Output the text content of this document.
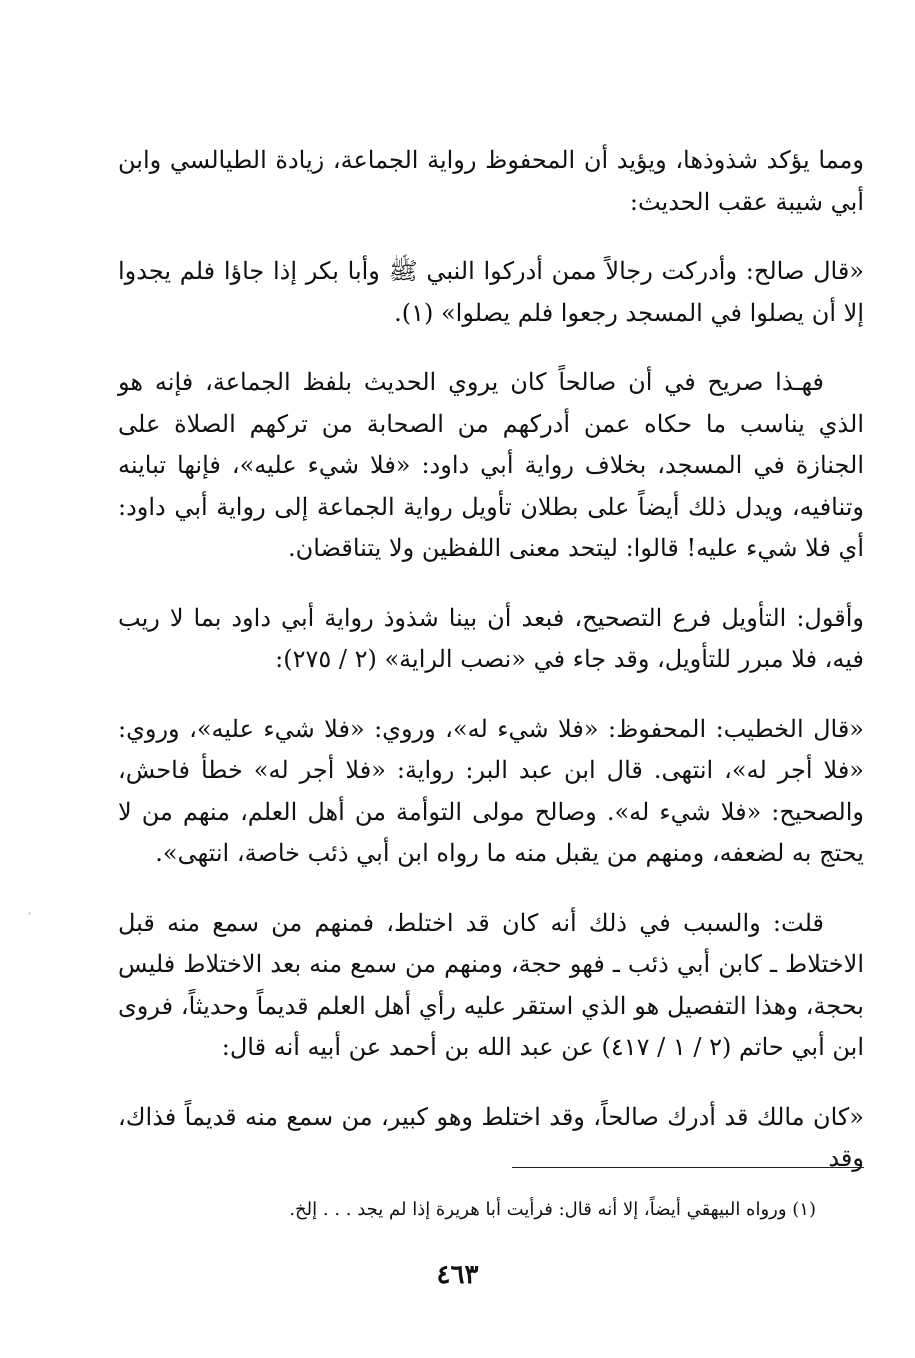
ومما يؤكد شذوذها، ويؤيد أن المحفوظ رواية الجماعة، زيادة الطيالسي وابن أبي شيبة عقب الحديث:

«قال صالح: وأدركت رجالاً ممن أدركوا النبي ﷺ وأبا بكر إذا جاؤا فلم يجدوا إلا أن يصلوا في المسجد رجعوا فلم يصلوا» (١).

فهـذا صريح في أن صالحاً كان يروي الحديث بلفظ الجماعة، فإنه هو الذي يناسب ما حكاه عمن أدركهم من الصحابة من تركهم الصلاة على الجنازة في المسجد، بخلاف رواية أبي داود: «فلا شيء عليه»، فإنها تباينه وتنافيه، ويدل ذلك أيضاً على بطلان تأويل رواية الجماعة إلى رواية أبي داود: أي فلا شيء عليه! قالوا: ليتحد معنى اللفظين ولا يتناقضان.

وأقول: التأويل فرع التصحيح، فبعد أن بينا شذوذ رواية أبي داود بما لا ريب فيه، فلا مبرر للتأويل، وقد جاء في «نصب الراية» (٢ / ٢٧٥):

«قال الخطيب: المحفوظ: «فلا شيء له»، وروي: «فلا شيء عليه»، وروي: «فلا أجر له»، انتهى. قال ابن عبد البر: رواية: «فلا أجر له» خطأ فاحش، والصحيح: «فلا شيء له». وصالح مولى التوأمة من أهل العلم، منهم من لا يحتج به لضعفه، ومنهم من يقبل منه ما رواه ابن أبي ذئب خاصة، انتهى».

قلت: والسبب في ذلك أنه كان قد اختلط، فمنهم من سمع منه قبل الاختلاط ـ كابن أبي ذئب ـ فهو حجة، ومنهم من سمع منه بعد الاختلاط فليس بحجة، وهذا التفصيل هو الذي استقر عليه رأي أهل العلم قديماً وحديثاً، فروى ابن أبي حاتم (٢ / ١ / ٤١٧) عن عبد الله بن أحمد عن أبيه أنه قال:

«كان مالك قد أدرك صالحاً، وقد اختلط وهو كبير، من سمع منه قديماً فذاك، وقد

(١) ورواه البيهقي أيضاً، إلا أنه قال: فرأيت أبا هريرة إذا لم يجد . . . إلخ.
٤٦٣
